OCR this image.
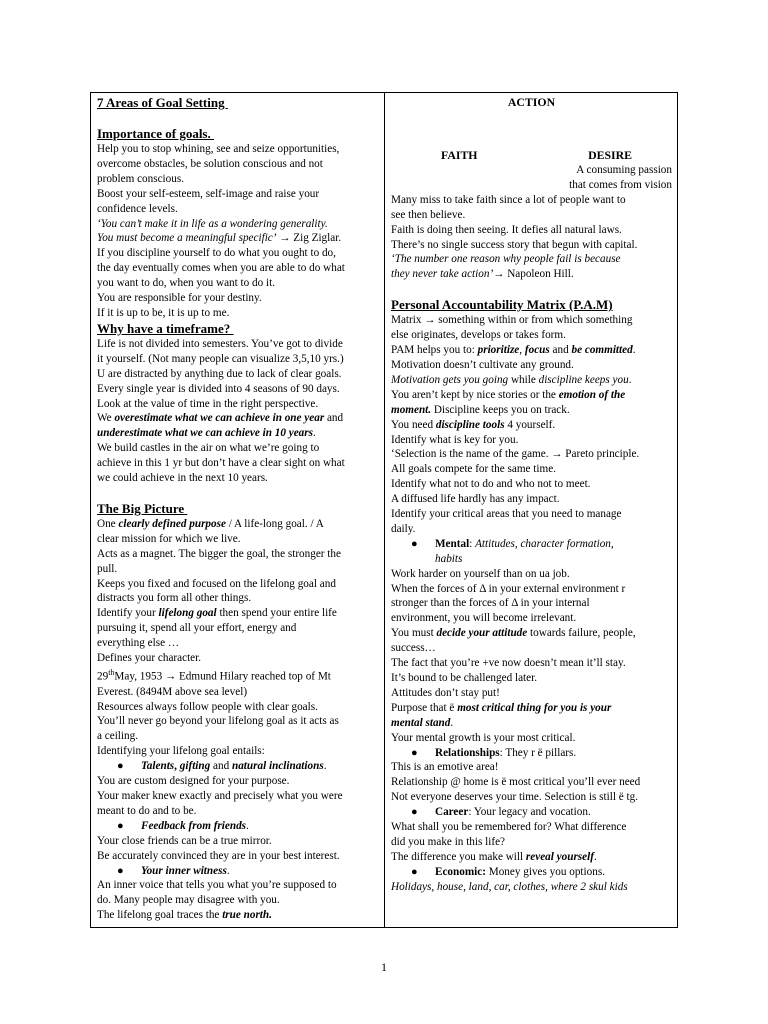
7 Areas of Goal Setting
Importance of goals.
Help you to stop whining, see and seize opportunities,
overcome obstacles, be solution conscious and not
problem conscious.
Boost your self-esteem, self-image and raise your
confidence levels.
‘You can’t make it in life as a wondering generality.
You must become a meaningful specific’ → Zig Ziglar.
If you discipline yourself to do what you ought to do,
the day eventually comes when you are able to do what
you want to do, when you want to do it.
You are responsible for your destiny.
If it is up to be, it is up to me.
Why have a timeframe?
Life is not divided into semesters. You’ve got to divide
it yourself. (Not many people can visualize 3,5,10 yrs.)
U are distracted by anything due to lack of clear goals.
Every single year is divided into 4 seasons of 90 days.
Look at the value of time in the right perspective.
We overestimate what we can achieve in one year and
underestimate what we can achieve in 10 years.
We build castles in the air on what we’re going to
achieve in this 1 yr but don’t have a clear sight on what
we could achieve in the next 10 years.
The Big Picture
One clearly defined purpose / A life-long goal. / A
clear mission for which we live.
Acts as a magnet. The bigger the goal, the stronger the
pull.
Keeps you fixed and focused on the lifelong goal and
distracts you form all other things.
Identify your lifelong goal then spend your entire life
pursuing it, spend all your effort, energy and
everything else …
Defines your character.
29thMay, 1953 → Edmund Hilary reached top of Mt
Everest. (8494M above sea level)
Resources always follow people with clear goals.
You’ll never go beyond your lifelong goal as it acts as
a ceiling.
Identifying your lifelong goal entails:
●	Talents, gifting and natural inclinations.
You are custom designed for your purpose.
Your maker knew exactly and precisely what you were
meant to do and to be.
●	Feedback from friends.
Your close friends can be a true mirror.
Be accurately convinced they are in your best interest.
●	Your inner witness.
An inner voice that tells you what you’re supposed to
do. Many people may disagree with you.
The lifelong goal traces the true north.
ACTION
FAITH	DESIRE
A consuming passion
that comes from vision
Many miss to take faith since a lot of people want to
see then believe.
Faith is doing then seeing. It defies all natural laws.
There’s no single success story that begun with capital.
‘The number one reason why people fail is because
they never take action’→ Napoleon Hill.
Personal Accountability Matrix (P.A.M)
Matrix → something within or from which something
else originates, develops or takes form.
PAM helps you to: prioritize, focus and be committed.
Motivation doesn’t cultivate any ground.
Motivation gets you going while discipline keeps you.
You aren’t kept by nice stories or the emotion of the
moment. Discipline keeps you on track.
You need discipline tools 4 yourself.
Identify what is key for you.
‘Selection is the name of the game. → Pareto principle.
All goals compete for the same time.
Identify what not to do and who not to meet.
A diffused life hardly has any impact.
Identify your critical areas that you need to manage
daily.
●	Mental: Attitudes, character formation,
habits
Work harder on yourself than on ua job.
When the forces of Δ in your external environment r
stronger than the forces of Δ in your internal
environment, you will become irrelevant.
You must decide your attitude towards failure, people,
success…
The fact that you’re +ve now doesn’t mean it’ll stay.
It’s bound to be challenged later.
Attitudes don’t stay put!
Purpose that ë most critical thing for you is your
mental stand.
Your mental growth is your most critical.
●	Relationships: They r ë pillars.
This is an emotive area!
Relationship @ home is ë most critical you’ll ever need
Not everyone deserves your time. Selection is still ë tg.
●	Career: Your legacy and vocation.
What shall you be remembered for? What difference
did you make in this life?
The difference you make will reveal yourself.
●	Economic: Money gives you options.
Holidays, house, land, car, clothes, where 2 skul kids
1
